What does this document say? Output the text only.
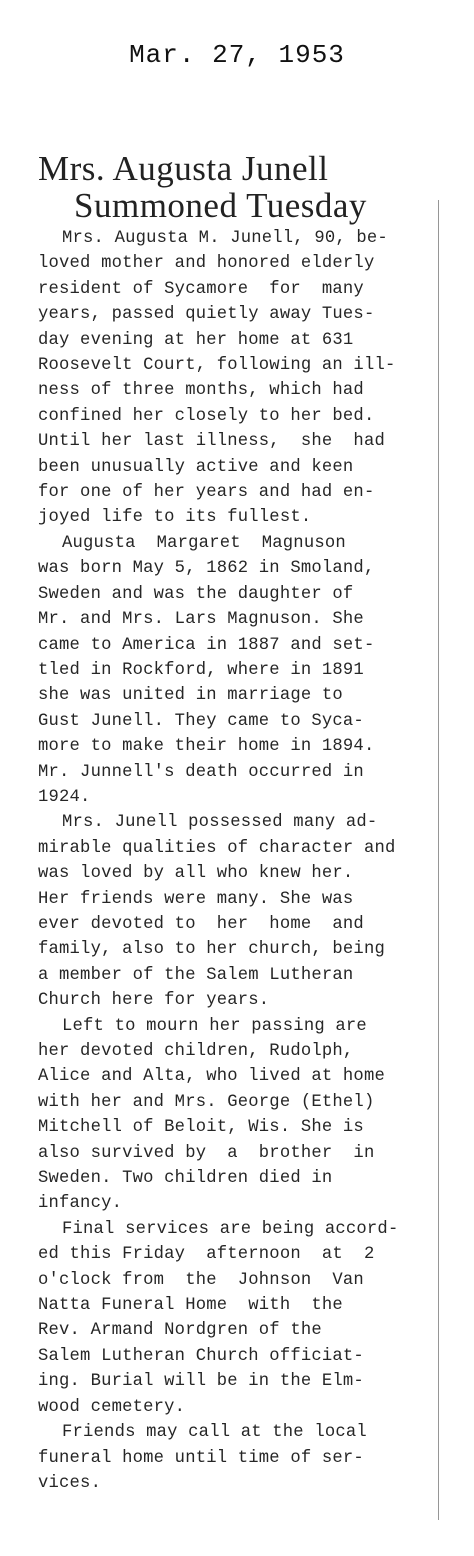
Mar. 27, 1953
Mrs. Augusta Junell
Summoned Tuesday
Mrs. Augusta M. Junell, 90, be-
loved mother and honored elderly
resident of Sycamore  for  many
years, passed quietly away Tues-
day evening at her home at 631
Roosevelt Court, following an ill-
ness of three months, which had
confined her closely to her bed.
Until her last illness,  she  had
been unusually active and keen
for one of her years and had en-
joyed life to its fullest.
Augusta  Margaret  Magnuson
was born May 5, 1862 in Smoland,
Sweden and was the daughter of
Mr. and Mrs. Lars Magnuson. She
came to America in 1887 and set-
tled in Rockford, where in 1891
she was united in marriage to
Gust Junell. They came to Syca-
more to make their home in 1894.
Mr. Junnell's death occurred in
1924.
Mrs. Junell possessed many ad-
mirable qualities of character and
was loved by all who knew her.
Her friends were many. She was
ever devoted to  her  home  and
family, also to her church, being
a member of the Salem Lutheran
Church here for years.
Left to mourn her passing are
her devoted children, Rudolph,
Alice and Alta, who lived at home
with her and Mrs. George (Ethel)
Mitchell of Beloit, Wis. She is
also survived by  a  brother  in
Sweden. Two children died in
infancy.
Final services are being accord-
ed this Friday  afternoon  at  2
o'clock from  the  Johnson  Van
Natta Funeral Home  with  the
Rev. Armand Nordgren of the
Salem Lutheran Church officiat-
ing. Burial will be in the Elm-
wood cemetery.
Friends may call at the local
funeral home until time of ser-
vices.
